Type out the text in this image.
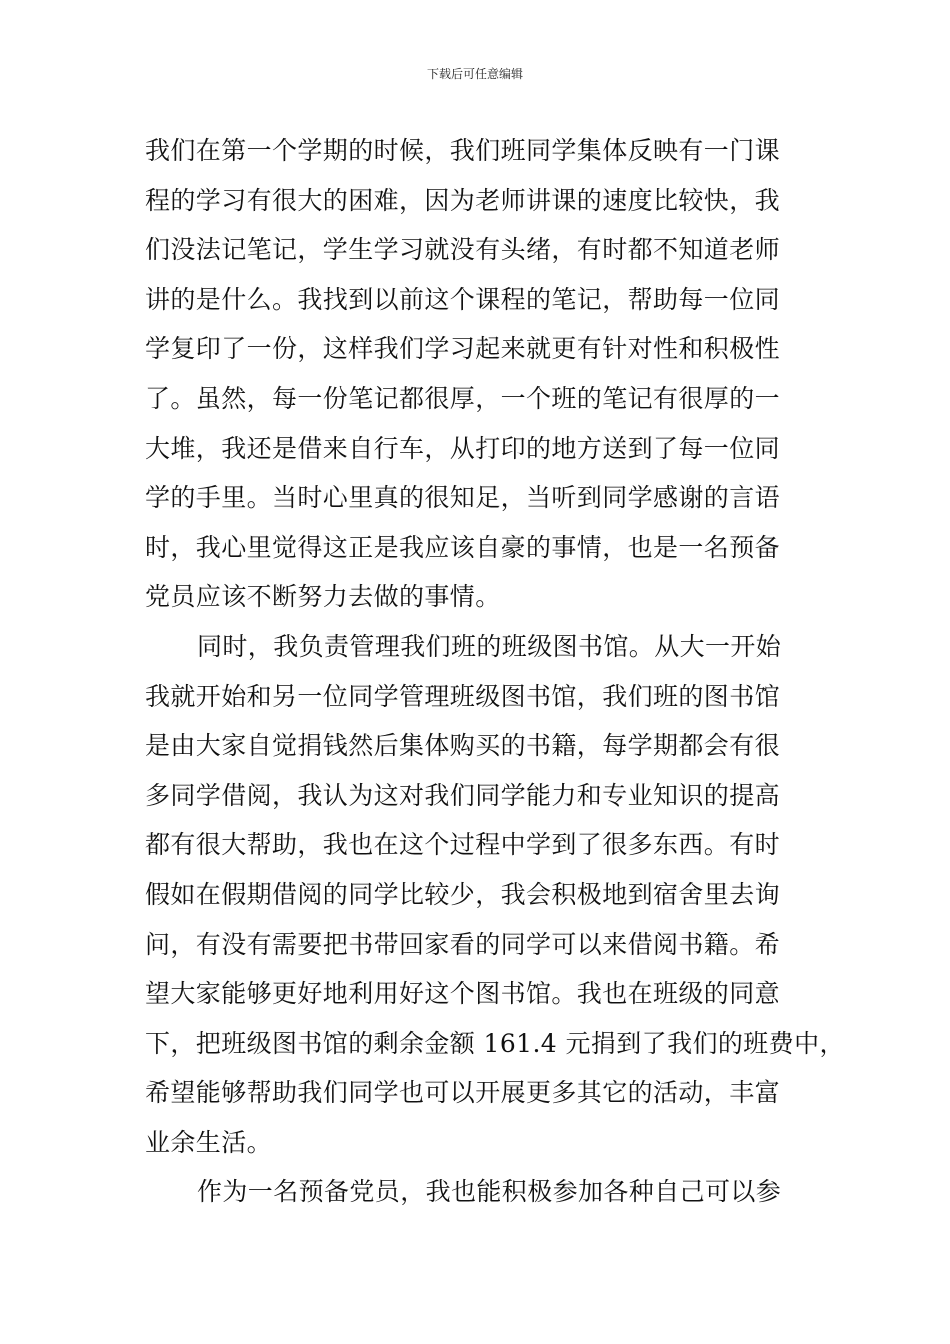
下载后可任意编辑
我们在第一个学期的时候，我们班同学集体反映有一门课
程的学习有很大的困难，因为老师讲课的速度比较快，我
们没法记笔记，学生学习就没有头绪，有时都不知道老师
讲的是什么。我找到以前这个课程的笔记，帮助每一位同
学复印了一份，这样我们学习起来就更有针对性和积极性
了。虽然，每一份笔记都很厚，一个班的笔记有很厚的一
大堆，我还是借来自行车，从打印的地方送到了每一位同
学的手里。当时心里真的很知足，当听到同学感谢的言语
时，我心里觉得这正是我应该自豪的事情，也是一名预备
党员应该不断努力去做的事情。
同时，我负责管理我们班的班级图书馆。从大一开始
我就开始和另一位同学管理班级图书馆，我们班的图书馆
是由大家自觉捐钱然后集体购买的书籍，每学期都会有很
多同学借阅，我认为这对我们同学能力和专业知识的提高
都有很大帮助，我也在这个过程中学到了很多东西。有时
假如在假期借阅的同学比较少，我会积极地到宿舍里去询
问，有没有需要把书带回家看的同学可以来借阅书籍。希
望大家能够更好地利用好这个图书馆。我也在班级的同意
下，把班级图书馆的剩余金额 161.4 元捐到了我们的班费中，
希望能够帮助我们同学也可以开展更多其它的活动，丰富
业余生活。
作为一名预备党员，我也能积极参加各种自己可以参
